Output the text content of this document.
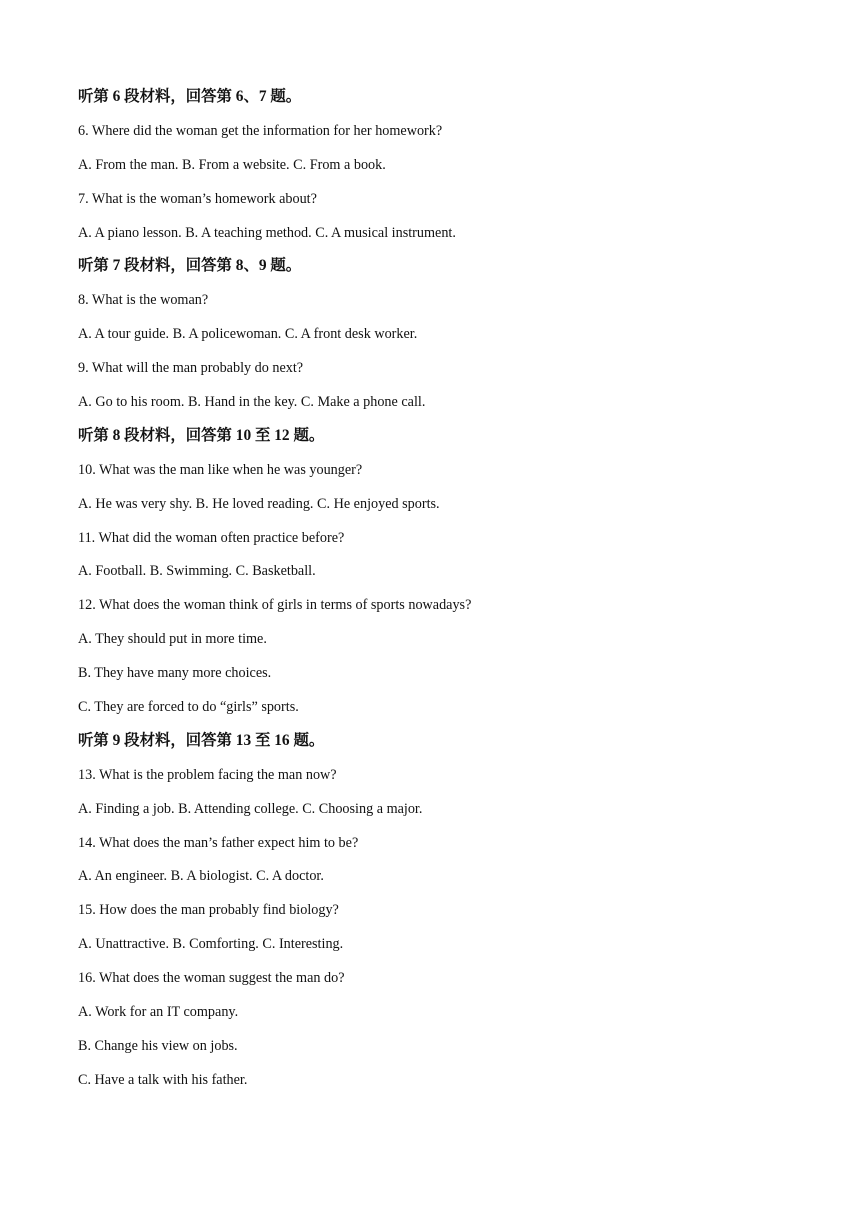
听第 6 段材料，回答第 6、7 题。
6. Where did the woman get the information for her homework?
A. From the man. B. From a website. C. From a book.
7. What is the woman’s homework about?
A. A piano lesson. B. A teaching method. C. A musical instrument.
听第 7 段材料，回答第 8、9 题。
8. What is the woman?
A. A tour guide. B. A policewoman. C. A front desk worker.
9. What will the man probably do next?
A. Go to his room. B. Hand in the key. C. Make a phone call.
听第 8 段材料，回答第 10 至 12 题。
10. What was the man like when he was younger?
A. He was very shy. B. He loved reading. C. He enjoyed sports.
11. What did the woman often practice before?
A. Football. B. Swimming. C. Basketball.
12. What does the woman think of girls in terms of sports nowadays?
A. They should put in more time.
B. They have many more choices.
C. They are forced to do “girls” sports.
听第 9 段材料，回答第 13 至 16 题。
13. What is the problem facing the man now?
A. Finding a job. B. Attending college. C. Choosing a major.
14. What does the man’s father expect him to be?
A. An engineer. B. A biologist. C. A doctor.
15. How does the man probably find biology?
A. Unattractive. B. Comforting. C. Interesting.
16. What does the woman suggest the man do?
A. Work for an IT company.
B. Change his view on jobs.
C. Have a talk with his father.
